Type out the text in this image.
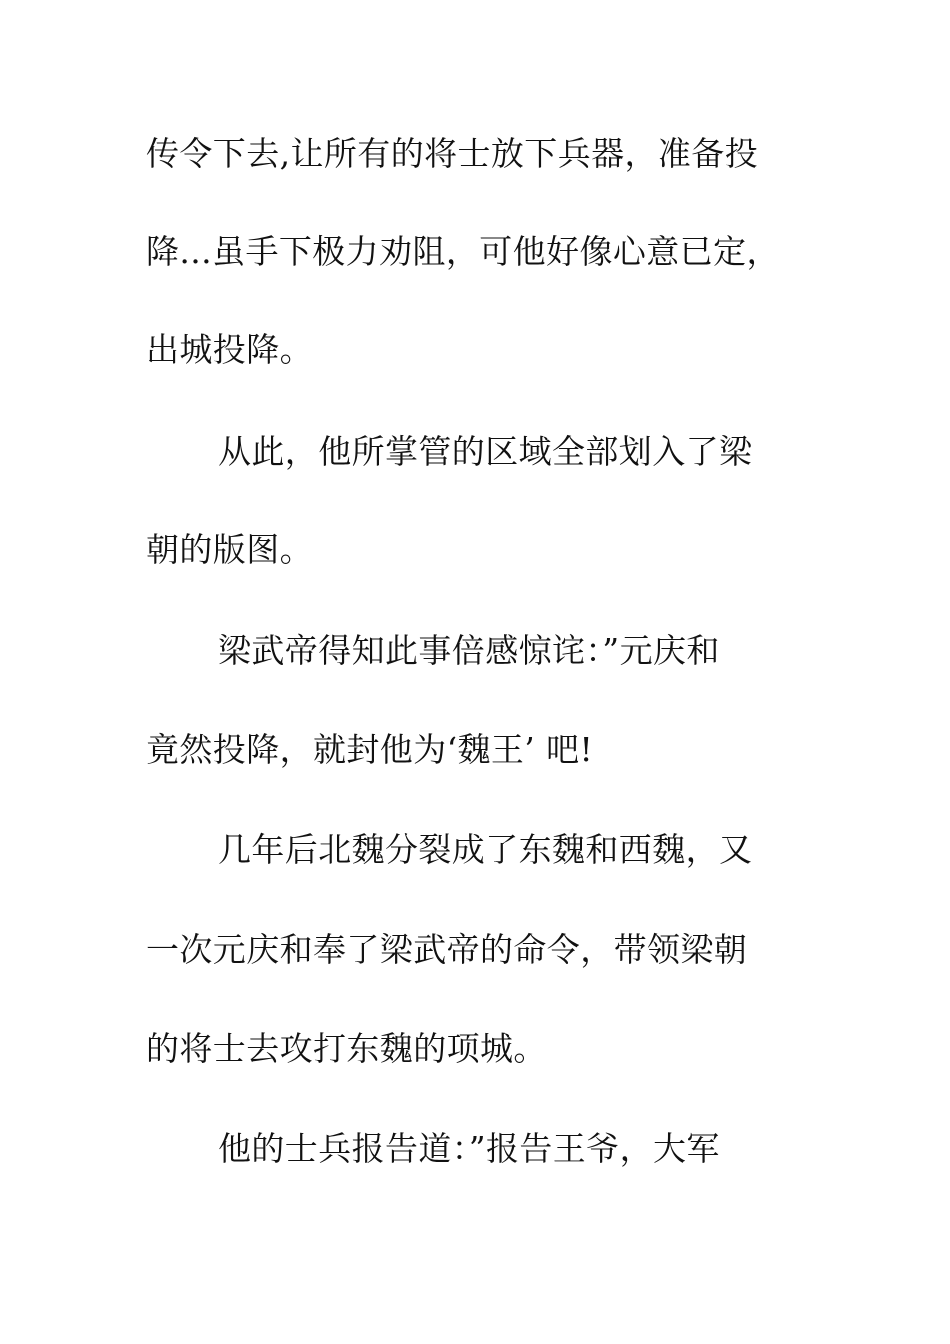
传令下去,让所有的将士放下兵器，准备投
降...虽手下极力劝阻，可他好像心意已定，
出城投降。
从此，他所掌管的区域全部划入了梁
朝的版图。
梁武帝得知此事倍感惊诧：”元庆和
竟然投降，就封他为‘魏王’ 吧!
几年后北魏分裂成了东魏和西魏，又
一次元庆和奉了梁武帝的命令，带领梁朝
的将士去攻打东魏的项城。
他的士兵报告道：”报告王爷，大军
